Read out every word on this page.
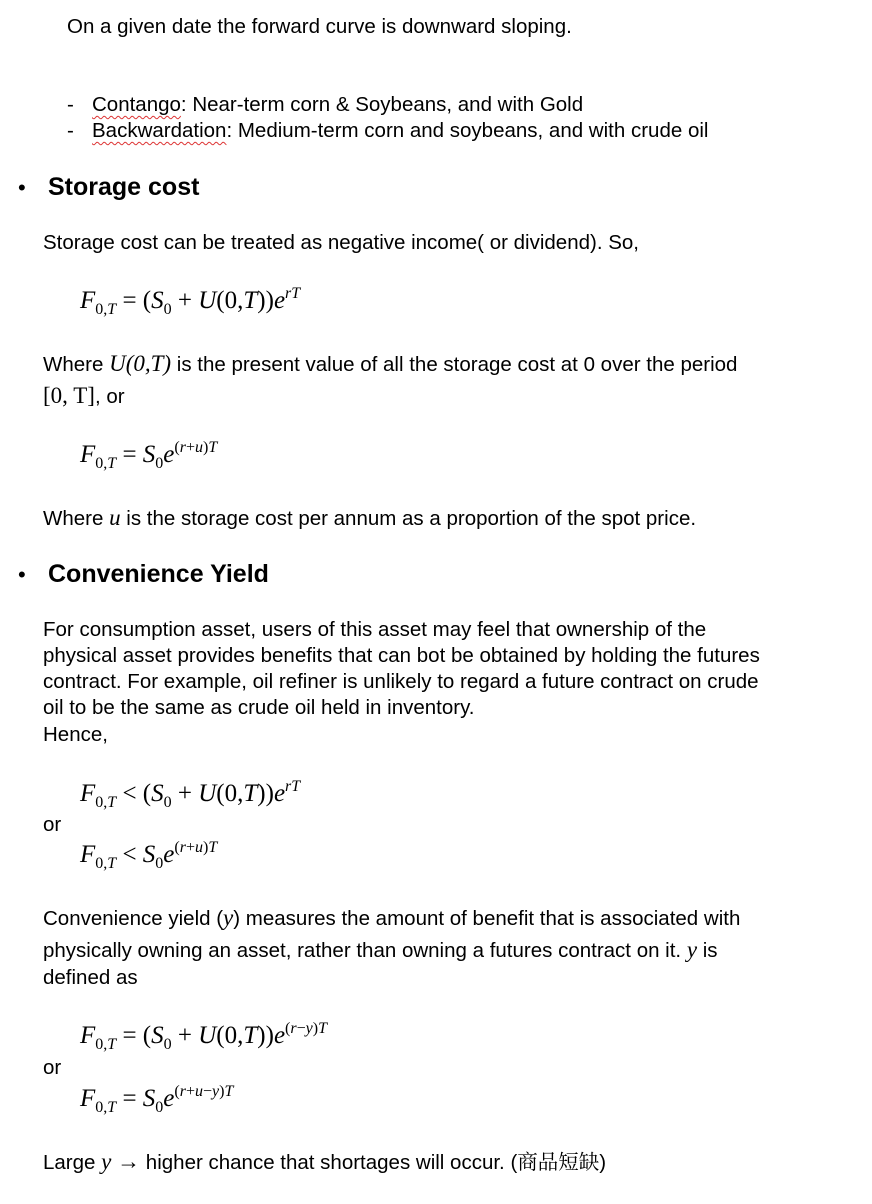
On a given date the forward curve is downward sloping.
- Contango: Near-term corn & Soybeans, and with Gold
- Backwardation: Medium-term corn and soybeans, and with crude oil
• Storage cost
Storage cost can be treated as negative income( or dividend). So,
$F_{0,T} = (S_0 + U(0,T))e^{rT}$
Where U(0,T) is the present value of all the storage cost at 0 over the period
[0, T], or
$F_{0,T} = S_0e^{(r+u)T}$
Where u is the storage cost per annum as a proportion of the spot price.
• Convenience Yield
For consumption asset, users of this asset may feel that ownership of the
physical asset provides benefits that can bot be obtained by holding the futures
contract. For example, oil refiner is unlikely to regard a future contract on crude
oil to be the same as crude oil held in inventory.
Hence,
$F_{0,T} < (S_0 + U(0,T))e^{rT}$
or
$F_{0,T} < S_0e^{(r+u)T}$
Convenience yield (y) measures the amount of benefit that is associated with
physically owning an asset, rather than owning a futures contract on it. y is
defined as
$F_{0,T} = (S_0 + U(0,T))e^{(r-y)T}$
or
$F_{0,T} = S_0e^{(r+u-y)T}$
Large y → higher chance that shortages will occur. (商品短缺)
